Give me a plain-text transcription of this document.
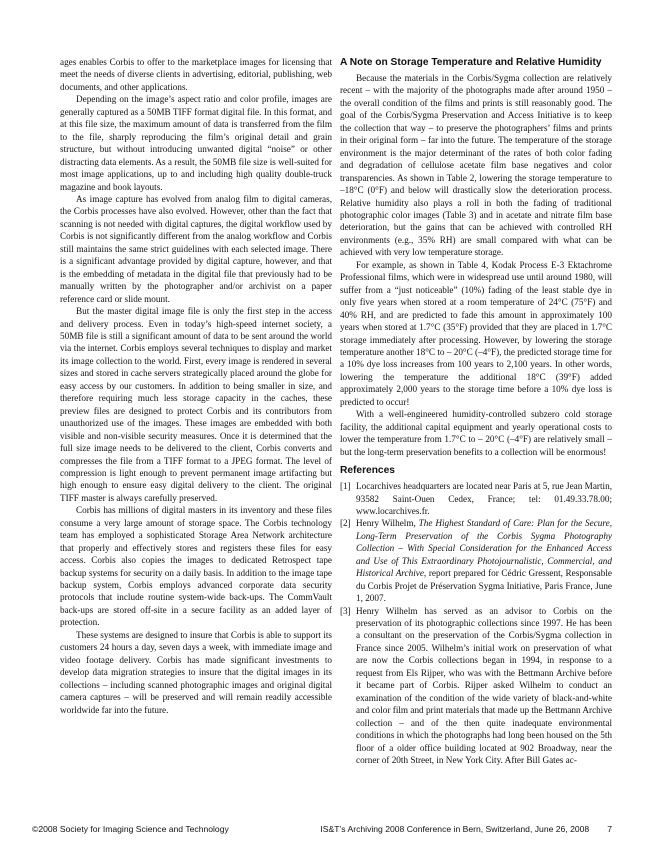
ages enables Corbis to offer to the marketplace images for licensing that meet the needs of diverse clients in advertising, editorial, publishing, web documents, and other applications.

Depending on the image’s aspect ratio and color profile, images are generally captured as a 50MB TIFF format digital file. In this format, and at this file size, the maximum amount of data is transferred from the film to the file, sharply reproducing the film’s original detail and grain structure, but without introducing unwanted digital “noise” or other distracting data elements. As a result, the 50MB file size is well-suited for most image applications, up to and including high quality double-truck magazine and book layouts.

As image capture has evolved from analog film to digital cameras, the Corbis processes have also evolved. However, other than the fact that scanning is not needed with digital captures, the digital workflow used by Corbis is not significantly different from the analog workflow and Corbis still maintains the same strict guidelines with each selected image. There is a significant advantage provided by digital capture, however, and that is the embedding of metadata in the digital file that previously had to be manually written by the photographer and/or archivist on a paper reference card or slide mount.

But the master digital image file is only the first step in the access and delivery process. Even in today’s high-speed internet society, a 50MB file is still a significant amount of data to be sent around the world via the internet. Corbis employs several techniques to display and market its image collection to the world. First, every image is rendered in several sizes and stored in cache servers strategically placed around the globe for easy access by our customers. In addition to being smaller in size, and therefore requiring much less storage capacity in the caches, these preview files are designed to protect Corbis and its contributors from unauthorized use of the images. These images are embedded with both visible and non-visible security measures. Once it is determined that the full size image needs to be delivered to the client, Corbis converts and compresses the file from a TIFF format to a JPEG format. The level of compression is light enough to prevent permanent image artifacting but high enough to ensure easy digital delivery to the client. The original TIFF master is always carefully preserved.

Corbis has millions of digital masters in its inventory and these files consume a very large amount of storage space. The Corbis technology team has employed a sophisticated Storage Area Network architecture that properly and effectively stores and registers these files for easy access. Corbis also copies the images to dedicated Retrospect tape backup systems for security on a daily basis. In addition to the image tape backup system, Corbis employs advanced corporate data security protocols that include routine system-wide back-ups. The CommVault back-ups are stored off-site in a secure facility as an added layer of protection.

These systems are designed to insure that Corbis is able to support its customers 24 hours a day, seven days a week, with immediate image and video footage delivery. Corbis has made significant investments to develop data migration strategies to insure that the digital images in its collections – including scanned photographic images and original digital camera captures – will be preserved and will remain readily accessible worldwide far into the future.

A Note on Storage Temperature and Relative Humidity

Because the materials in the Corbis/Sygma collection are relatively recent – with the majority of the photographs made after around 1950 – the overall condition of the films and prints is still reasonably good. The goal of the Corbis/Sygma Preservation and Access Initiative is to keep the collection that way – to preserve the photographers’ films and prints in their original form – far into the future. The temperature of the storage environment is the major determinant of the rates of both color fading and degradation of cellulose acetate film base negatives and color transparencies. As shown in Table 2, lowering the storage temperature to –18°C (0°F) and below will drastically slow the deterioration process. Relative humidity also plays a roll in both the fading of traditional photographic color images (Table 3) and in acetate and nitrate film base deterioration, but the gains that can be achieved with controlled RH environments (e.g., 35% RH) are small compared with what can be achieved with very low temperature storage.

For example, as shown in Table 4, Kodak Process E-3 Ektachrome Professional films, which were in widespread use until around 1980, will suffer from a “just noticeable” (10%) fading of the least stable dye in only five years when stored at a room temperature of 24°C (75°F) and 40% RH, and are predicted to fade this amount in approximately 100 years when stored at 1.7°C (35°F) provided that they are placed in 1.7°C storage immediately after processing. However, by lowering the storage temperature another 18°C to – 20°C (–4°F), the predicted storage time for a 10% dye loss increases from 100 years to 2,100 years. In other words, lowering the temperature the additional 18°C (39°F) added approximately 2,000 years to the storage time before a 10% dye loss is predicted to occur!

With a well-engineered humidity-controlled subzero cold storage facility, the additional capital equipment and yearly operational costs to lower the temperature from 1.7°C to – 20°C (–4°F) are relatively small – but the long-term preservation benefits to a collection will be enormous!

References
[1] Locarchives headquarters are located near Paris at 5, rue Jean Martin, 93582 Saint-Ouen Cedex, France; tel: 01.49.33.78.00; www.locarchives.fr.
[2] Henry Wilhelm, The Highest Standard of Care: Plan for the Secure, Long-Term Preservation of the Corbis Sygma Photography Collection – With Special Consideration for the Enhanced Access and Use of This Extraordinary Photojournalistic, Commercial, and Historical Archive, report prepared for Cédric Gressent, Responsable du Corbis Projet de Préservation Sygma Initiative, Paris France, June 1, 2007.
[3] Henry Wilhelm has served as an advisor to Corbis on the preservation of its photographic collections since 1997. He has been a consultant on the preservation of the Corbis/Sygma collection in France since 2005. Wilhelm’s initial work on preservation of what are now the Corbis collections began in 1994, in response to a request from Els Rijper, who was with the Bettmann Archive before it became part of Corbis. Rijper asked Wilhelm to conduct an examination of the condition of the wide variety of black-and-white and color film and print materials that made up the Bettmann Archive collection – and of the then quite inadequate environmental conditions in which the photographs had long been housed on the 5th floor of a older office building located at 902 Broadway, near the corner of 20th Street, in New York City. After Bill Gates ac-
©2008 Society for Imaging Science and Technology	IS&T’s Archiving 2008 Conference in Bern, Switzerland, June 26, 2008 7
